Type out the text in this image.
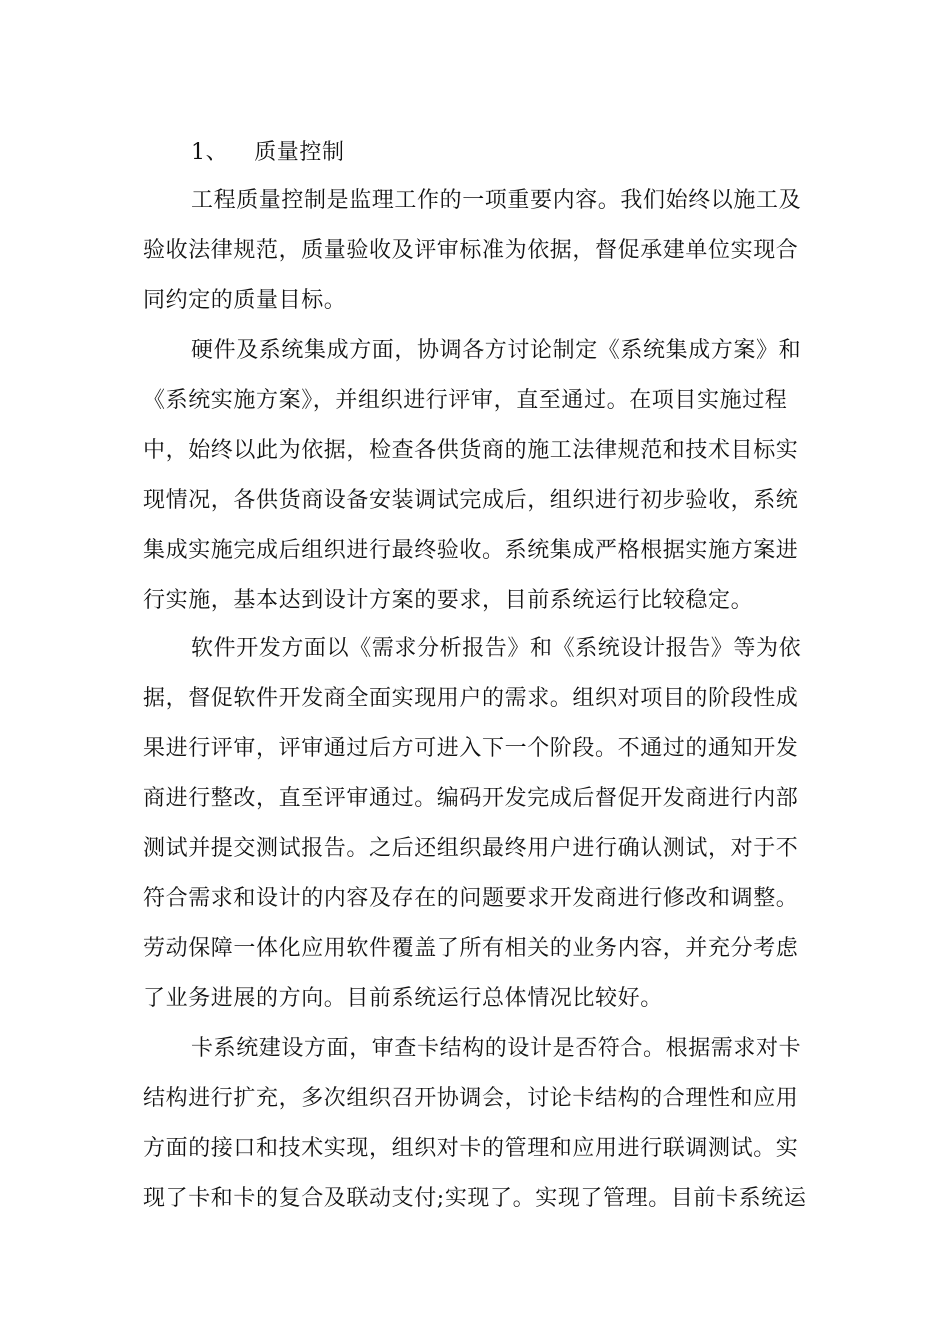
1、 质量控制
工程质量控制是监理工作的一项重要内容。我们始终以施工及
验收法律规范，质量验收及评审标准为依据，督促承建单位实现合
同约定的质量目标。
硬件及系统集成方面，协调各方讨论制定《系统集成方案》和
《系统实施方案》，并组织进行评审，直至通过。在项目实施过程
中，始终以此为依据，检查各供货商的施工法律规范和技术目标实
现情况，各供货商设备安装调试完成后，组织进行初步验收，系统
集成实施完成后组织进行最终验收。系统集成严格根据实施方案进
行实施，基本达到设计方案的要求，目前系统运行比较稳定。
软件开发方面以《需求分析报告》和《系统设计报告》等为依
据，督促软件开发商全面实现用户的需求。组织对项目的阶段性成
果进行评审，评审通过后方可进入下一个阶段。不通过的通知开发
商进行整改，直至评审通过。编码开发完成后督促开发商进行内部
测试并提交测试报告。之后还组织最终用户进行确认测试，对于不
符合需求和设计的内容及存在的问题要求开发商进行修改和调整。
劳动保障一体化应用软件覆盖了所有相关的业务内容，并充分考虑
了业务进展的方向。目前系统运行总体情况比较好。
卡系统建设方面，审查卡结构的设计是否符合。根据需求对卡
结构进行扩充，多次组织召开协调会，讨论卡结构的合理性和应用
方面的接口和技术实现，组织对卡的管理和应用进行联调测试。实
现了卡和卡的复合及联动支付;实现了。实现了管理。目前卡系统运
